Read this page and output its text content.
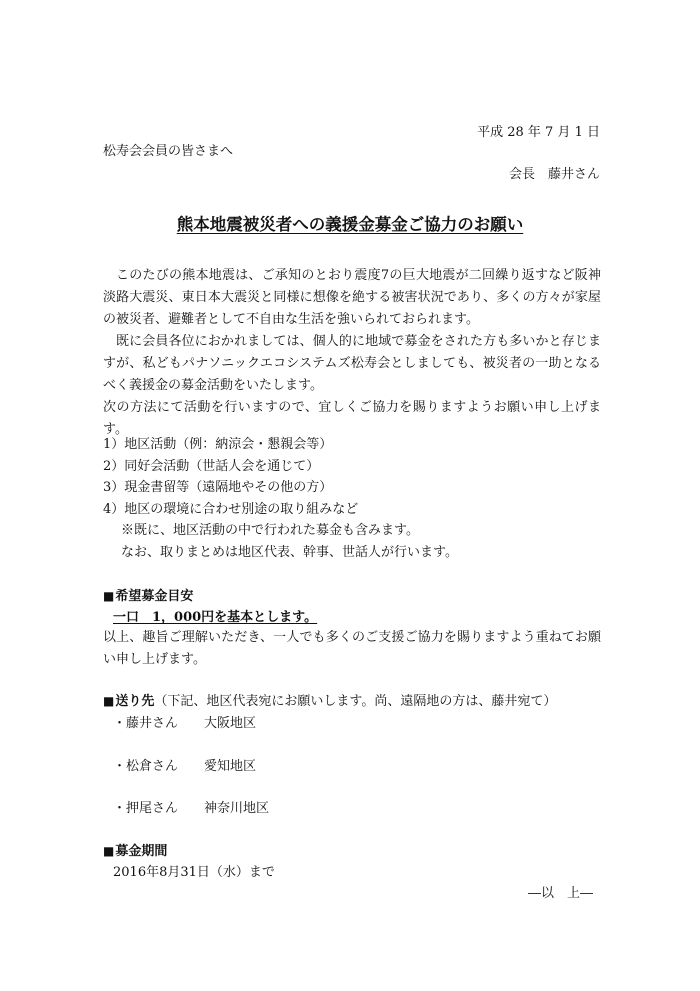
平成 28 年 7 月 1 日
松寿会会員の皆さまへ
会長　藤井さん
熊本地震被災者への義援金募金ご協力のお願い
このたびの熊本地震は、ご承知のとおり震度7の巨大地震が二回繰り返すなど阪神淡路大震災、東日本大震災と同様に想像を絶する被害状況であり、多くの方々が家屋の被災者、避難者として不自由な生活を強いられておられます。
既に会員各位におかれましては、個人的に地域で募金をされた方も多いかと存じますが、私どもパナソニックエコシステムズ松寿会としましても、被災者の一助となるべく義援金の募金活動をいたします。
次の方法にて活動を行いますので、宜しくご協力を賜りますようお願い申し上げます。
1）地区活動（例：納涼会・懇親会等）
2）同好会活動（世話人会を通じて）
3）現金書留等（遠隔地やその他の方）
4）地区の環境に合わせ別途の取り組みなど
※既に、地区活動の中で行われた募金も含みます。
なお、取りまとめは地区代表、幹事、世話人が行います。
■希望募金目安
一口　1，000円を基本とします。
以上、趣旨ご理解いただき、一人でも多くのご支援ご協力を賜りますよう重ねてお願い申し上げます。
■送り先（下記、地区代表宛にお願いします。尚、遠隔地の方は、藤井宛て）
・藤井さん　　大阪地区
・松倉さん　　愛知地区
・押尾さん　　神奈川地区
■募金期間
2016年8月31日（水）まで
―以　上―
